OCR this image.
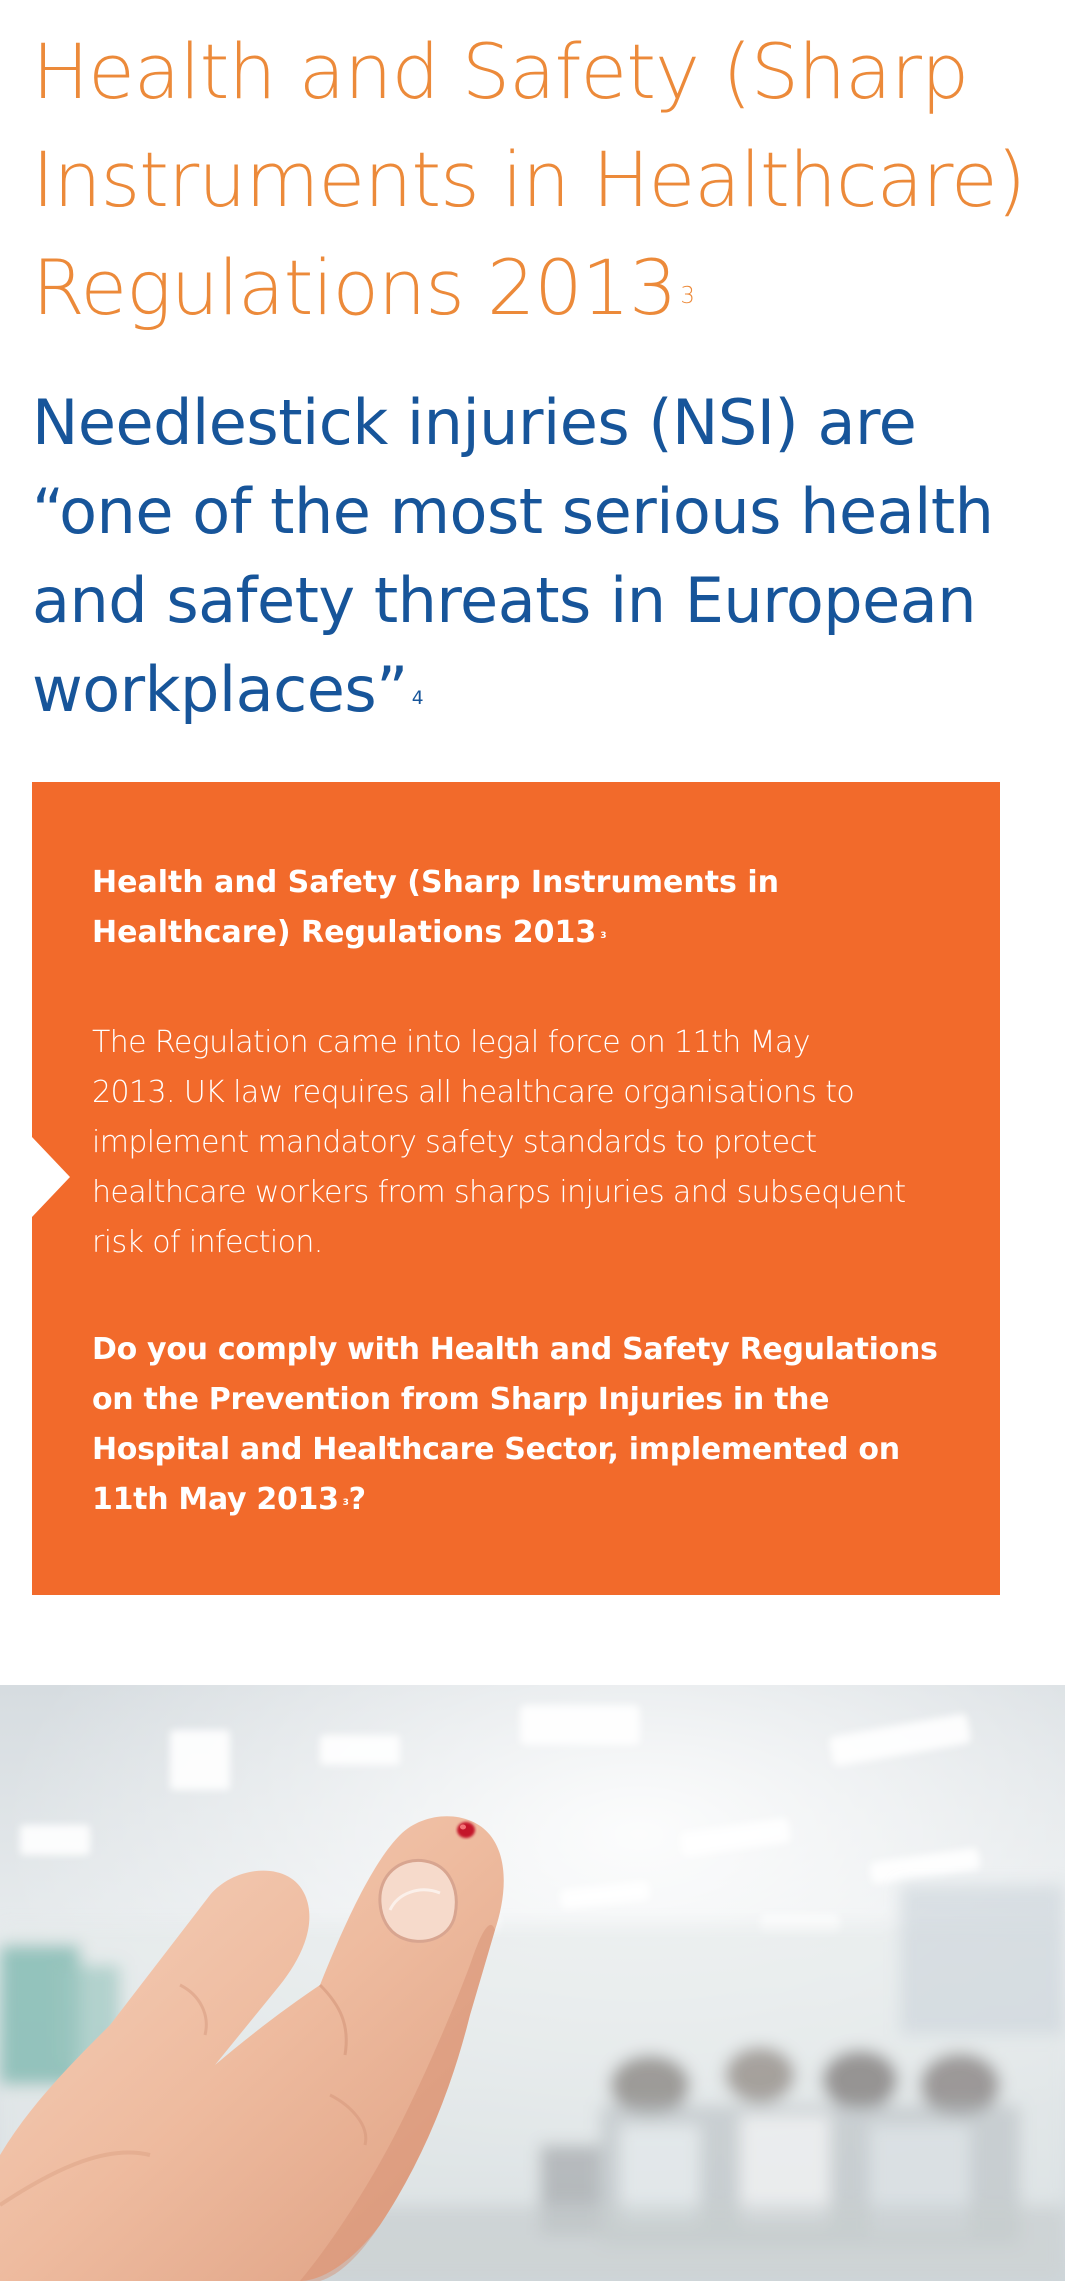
Health and Safety (Sharp
Instruments in Healthcare)
Regulations 2013 $^3$
Needlestick injuries (NSI) are
“one of the most serious health
and safety threats in European
workplaces” $^4$
Health and Safety (Sharp Instruments in
Healthcare) Regulations 2013 $^3$

The Regulation came into legal force on 11th May
2013. UK law requires all healthcare organisations to
implement mandatory safety standards to protect
healthcare workers from sharps injuries and subsequent
risk of infection.

Do you comply with Health and Safety Regulations
on the Prevention from Sharp Injuries in the
Hospital and Healthcare Sector, implemented on
11th May 2013 $^3$?
